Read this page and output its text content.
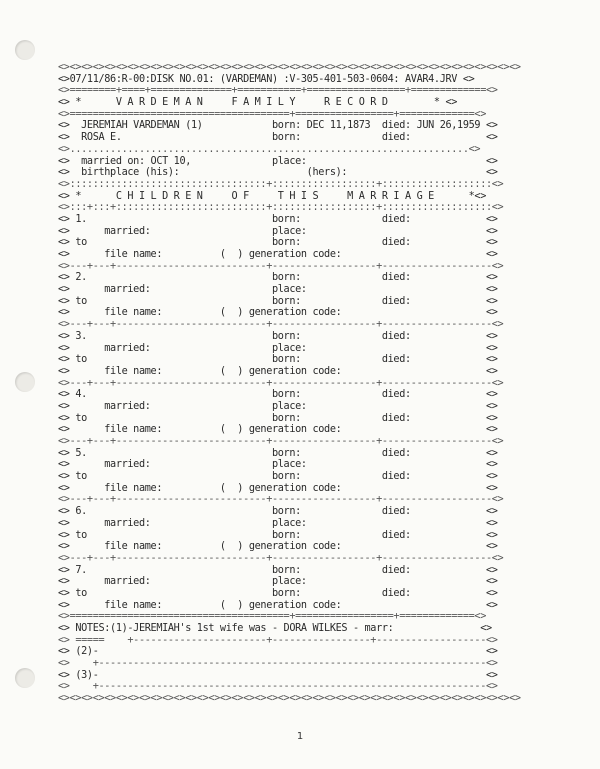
<><><><><><><><><><><><><><><><><><><><><><><><><><><><><><><><><><><><><><><><>
<>07/11/86:R-00:DISK NO.01: (VARDEMAN) :V-305-401-503-0604: AVAR4.JRV <>
<>========+====+==============+===========+=================+=============<>
<> *      V A R D E M A N     F A M I L Y     R E C O R D        * <>
<>======================================+=================+=============<>
<>  JEREMIAH VARDEMAN (1)            born: DEC 11,1873  died: JUN 26,1959 <>
<>  ROSA E.                          born:              died:             <>
<>.....................................................................<>
<>  married on: OCT 10,              place:                               <>
<>  birthplace (his):                      (hers):                        <>
<>::::::::::::::::::::::::::::::::::+::::::::::::::::::+:::::::::::::::::::<>
<> *      C H I L D R E N     O F     T H I S     M A R R I A G E      *<>
<>:::+:::+::::::::::::::::::::::::::+::::::::::::::::::+:::::::::::::::::::<>
<> 1.                                born:              died:             <>
<>      married:                     place:                               <>
<> to                                born:              died:             <>
<>      file name:          (  ) generation code:                         <>
<>---+---+--------------------------+------------------+-------------------<>
<> 2.                                born:              died:             <>
<>      married:                     place:                               <>
<> to                                born:              died:             <>
<>      file name:          (  ) generation code:                         <>
<>---+---+--------------------------+------------------+-------------------<>
<> 3.                                born:              died:             <>
<>      married:                     place:                               <>
<> to                                born:              died:             <>
<>      file name:          (  ) generation code:                         <>
<>---+---+--------------------------+------------------+-------------------<>
<> 4.                                born:              died:             <>
<>      married:                     place:                               <>
<> to                                born:              died:             <>
<>      file name:          (  ) generation code:                         <>
<>---+---+--------------------------+------------------+-------------------<>
<> 5.                                born:              died:             <>
<>      married:                     place:                               <>
<> to                                born:              died:             <>
<>      file name:          (  ) generation code:                         <>
<>---+---+--------------------------+------------------+-------------------<>
<> 6.                                born:              died:             <>
<>      married:                     place:                               <>
<> to                                born:              died:             <>
<>      file name:          (  ) generation code:                         <>
<>---+---+--------------------------+------------------+-------------------<>
<> 7.                                born:              died:             <>
<>      married:                     place:                               <>
<> to                                born:              died:             <>
<>      file name:          (  ) generation code:                         <>
<>======================================+=================+=============<>
<> NOTES:(1)-JEREMIAH's 1st wife was - DORA WILKES - marr:               <>
<> =====    +-----------------------+-----------------+-------------------<>
<> (2)-                                                                   <>
<>    +-------------------------------------------------------------------<>
<> (3)-                                                                   <>
<>    +-------------------------------------------------------------------<>
<><><><><><><><><><><><><><><><><><><><><><><><><><><><><><><><><><><><><><><><>
1
